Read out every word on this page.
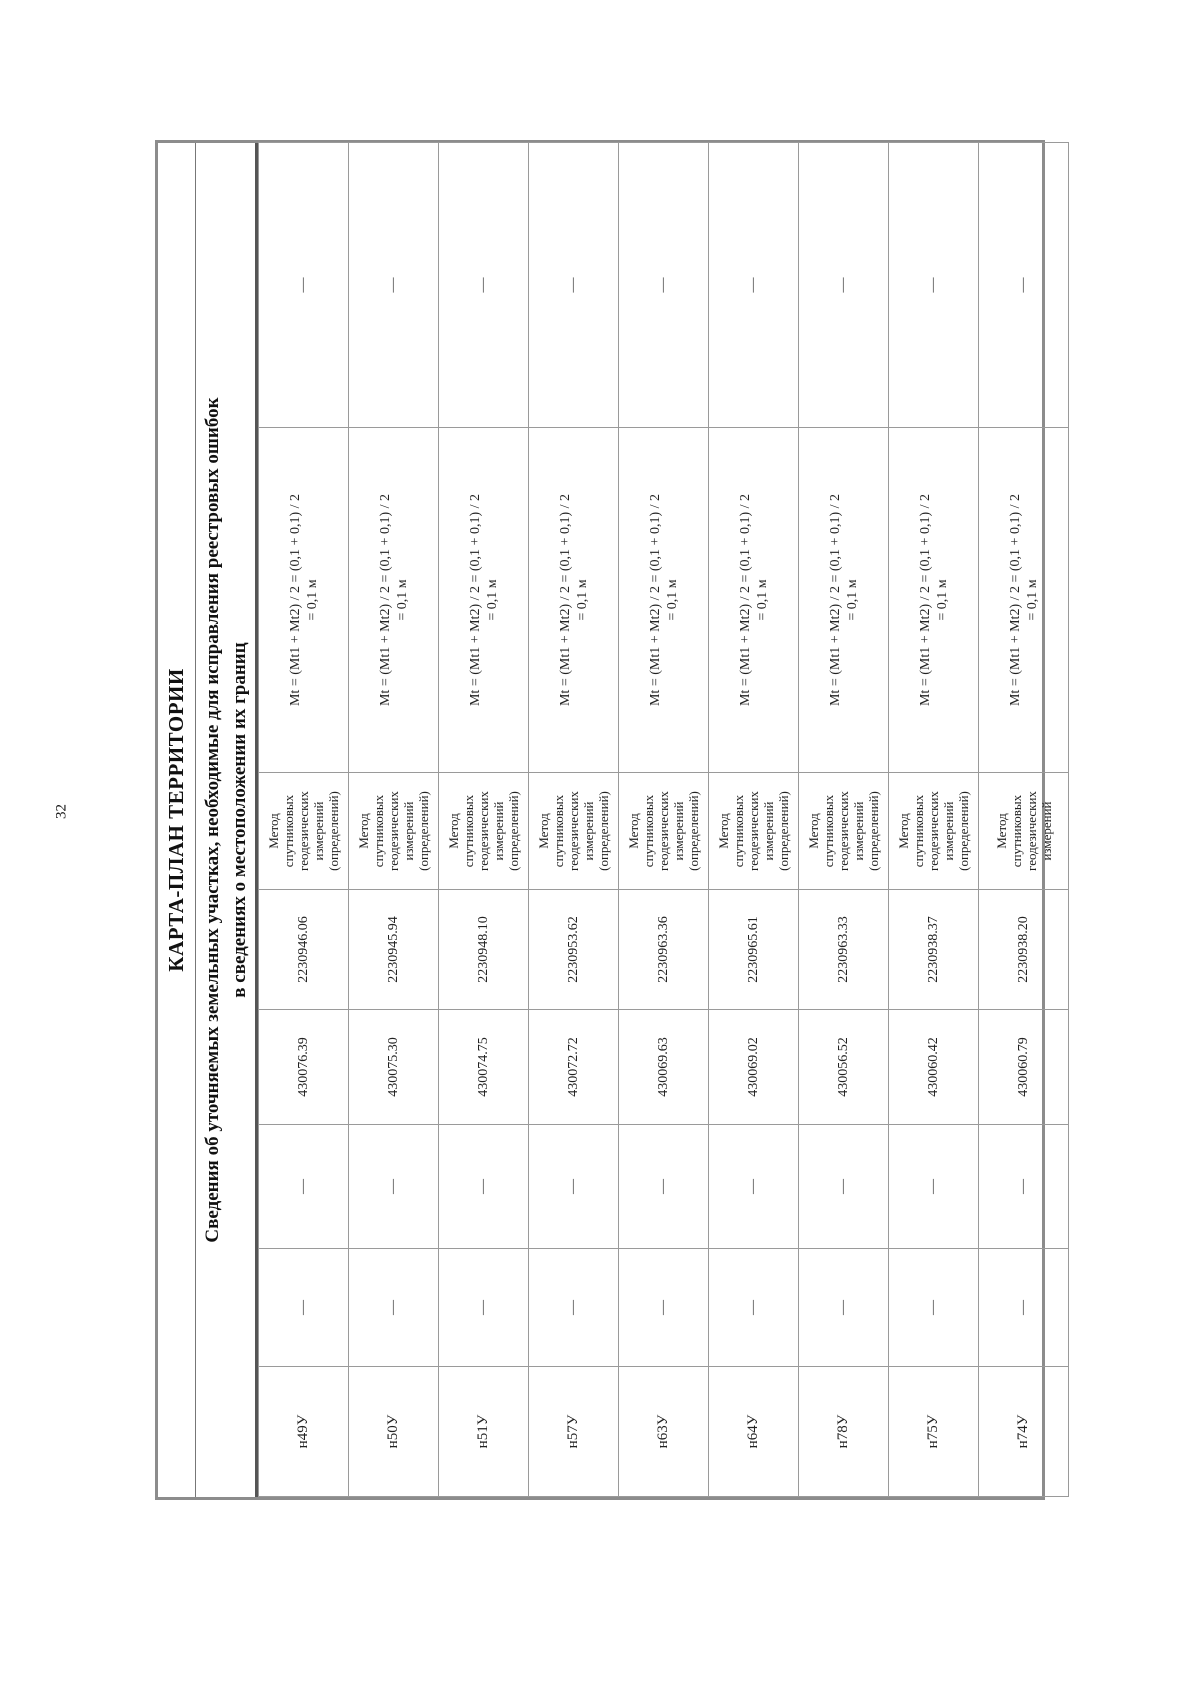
32	КАРТА-ПЛАН ТЕРРИТОРИИ Сведения об уточняемых земельных участках, необходимые для исправления реестровых ошибок в сведениях о местоположении их границ
н49У	—	—	430076.39	2230946.06	Метод спутниковых геодезических измерений (определений)	Mt = (Mt1 + Mt2) / 2 = (0,1 + 0,1) / 2 = 0,1 м	—
н50У	—	—	430075.30	2230945.94	Метод спутниковых геодезических измерений (определений)	Mt = (Mt1 + Mt2) / 2 = (0,1 + 0,1) / 2 = 0,1 м	—
н51У	—	—	430074.75	2230948.10	Метод спутниковых геодезических измерений (определений)	Mt = (Mt1 + Mt2) / 2 = (0,1 + 0,1) / 2 = 0,1 м	—
н57У	—	—	430072.72	2230953.62	Метод спутниковых геодезических измерений (определений)	Mt = (Mt1 + Mt2) / 2 = (0,1 + 0,1) / 2 = 0,1 м	—
н63У	—	—	430069.63	2230963.36	Метод спутниковых геодезических измерений (определений)	Mt = (Mt1 + Mt2) / 2 = (0,1 + 0,1) / 2 = 0,1 м	—
н64У	—	—	430069.02	2230965.61	Метод спутниковых геодезических измерений (определений)	Mt = (Mt1 + Mt2) / 2 = (0,1 + 0,1) / 2 = 0,1 м	—
н78У	—	—	430056.52	2230963.33	Метод спутниковых геодезических измерений (определений)	Mt = (Mt1 + Mt2) / 2 = (0,1 + 0,1) / 2 = 0,1 м	—
н75У	—	—	430060.42	2230938.37	Метод спутниковых геодезических измерений (определений)	Mt = (Mt1 + Mt2) / 2 = (0,1 + 0,1) / 2 = 0,1 м	—
н74У	—	—	430060.79	2230938.20	Метод спутниковых геодезических измерений	Mt = (Mt1 + Mt2) / 2 = (0,1 + 0,1) / 2 = 0,1 м	—
